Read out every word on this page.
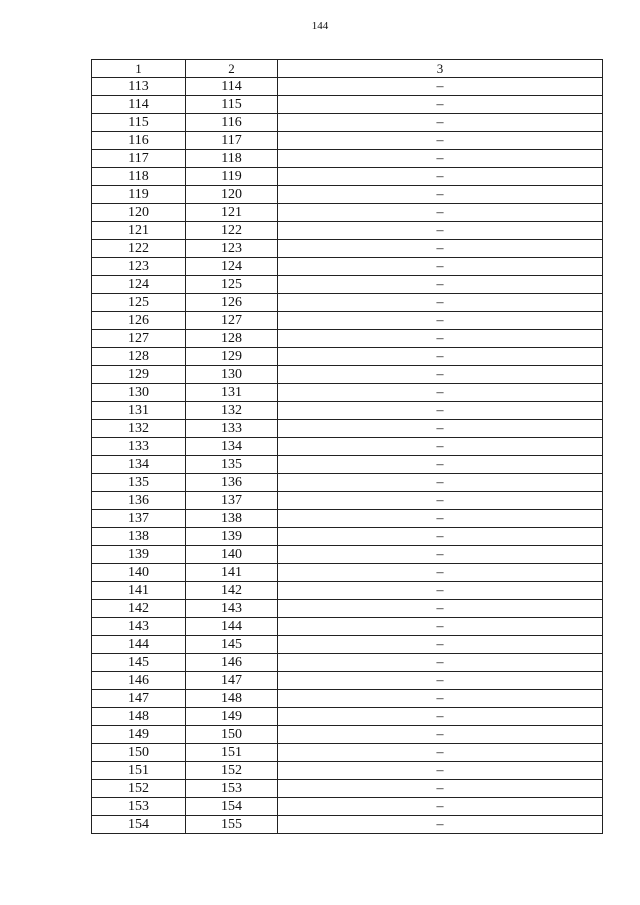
144
1	2	3
113	114	–
114	115	–
115	116	–
116	117	–
117	118	–
118	119	–
119	120	–
120	121	–
121	122	–
122	123	–
123	124	–
124	125	–
125	126	–
126	127	–
127	128	–
128	129	–
129	130	–
130	131	–
131	132	–
132	133	–
133	134	–
134	135	–
135	136	–
136	137	–
137	138	–
138	139	–
139	140	–
140	141	–
141	142	–
142	143	–
143	144	–
144	145	–
145	146	–
146	147	–
147	148	–
148	149	–
149	150	–
150	151	–
151	152	–
152	153	–
153	154	–
154	155	–
